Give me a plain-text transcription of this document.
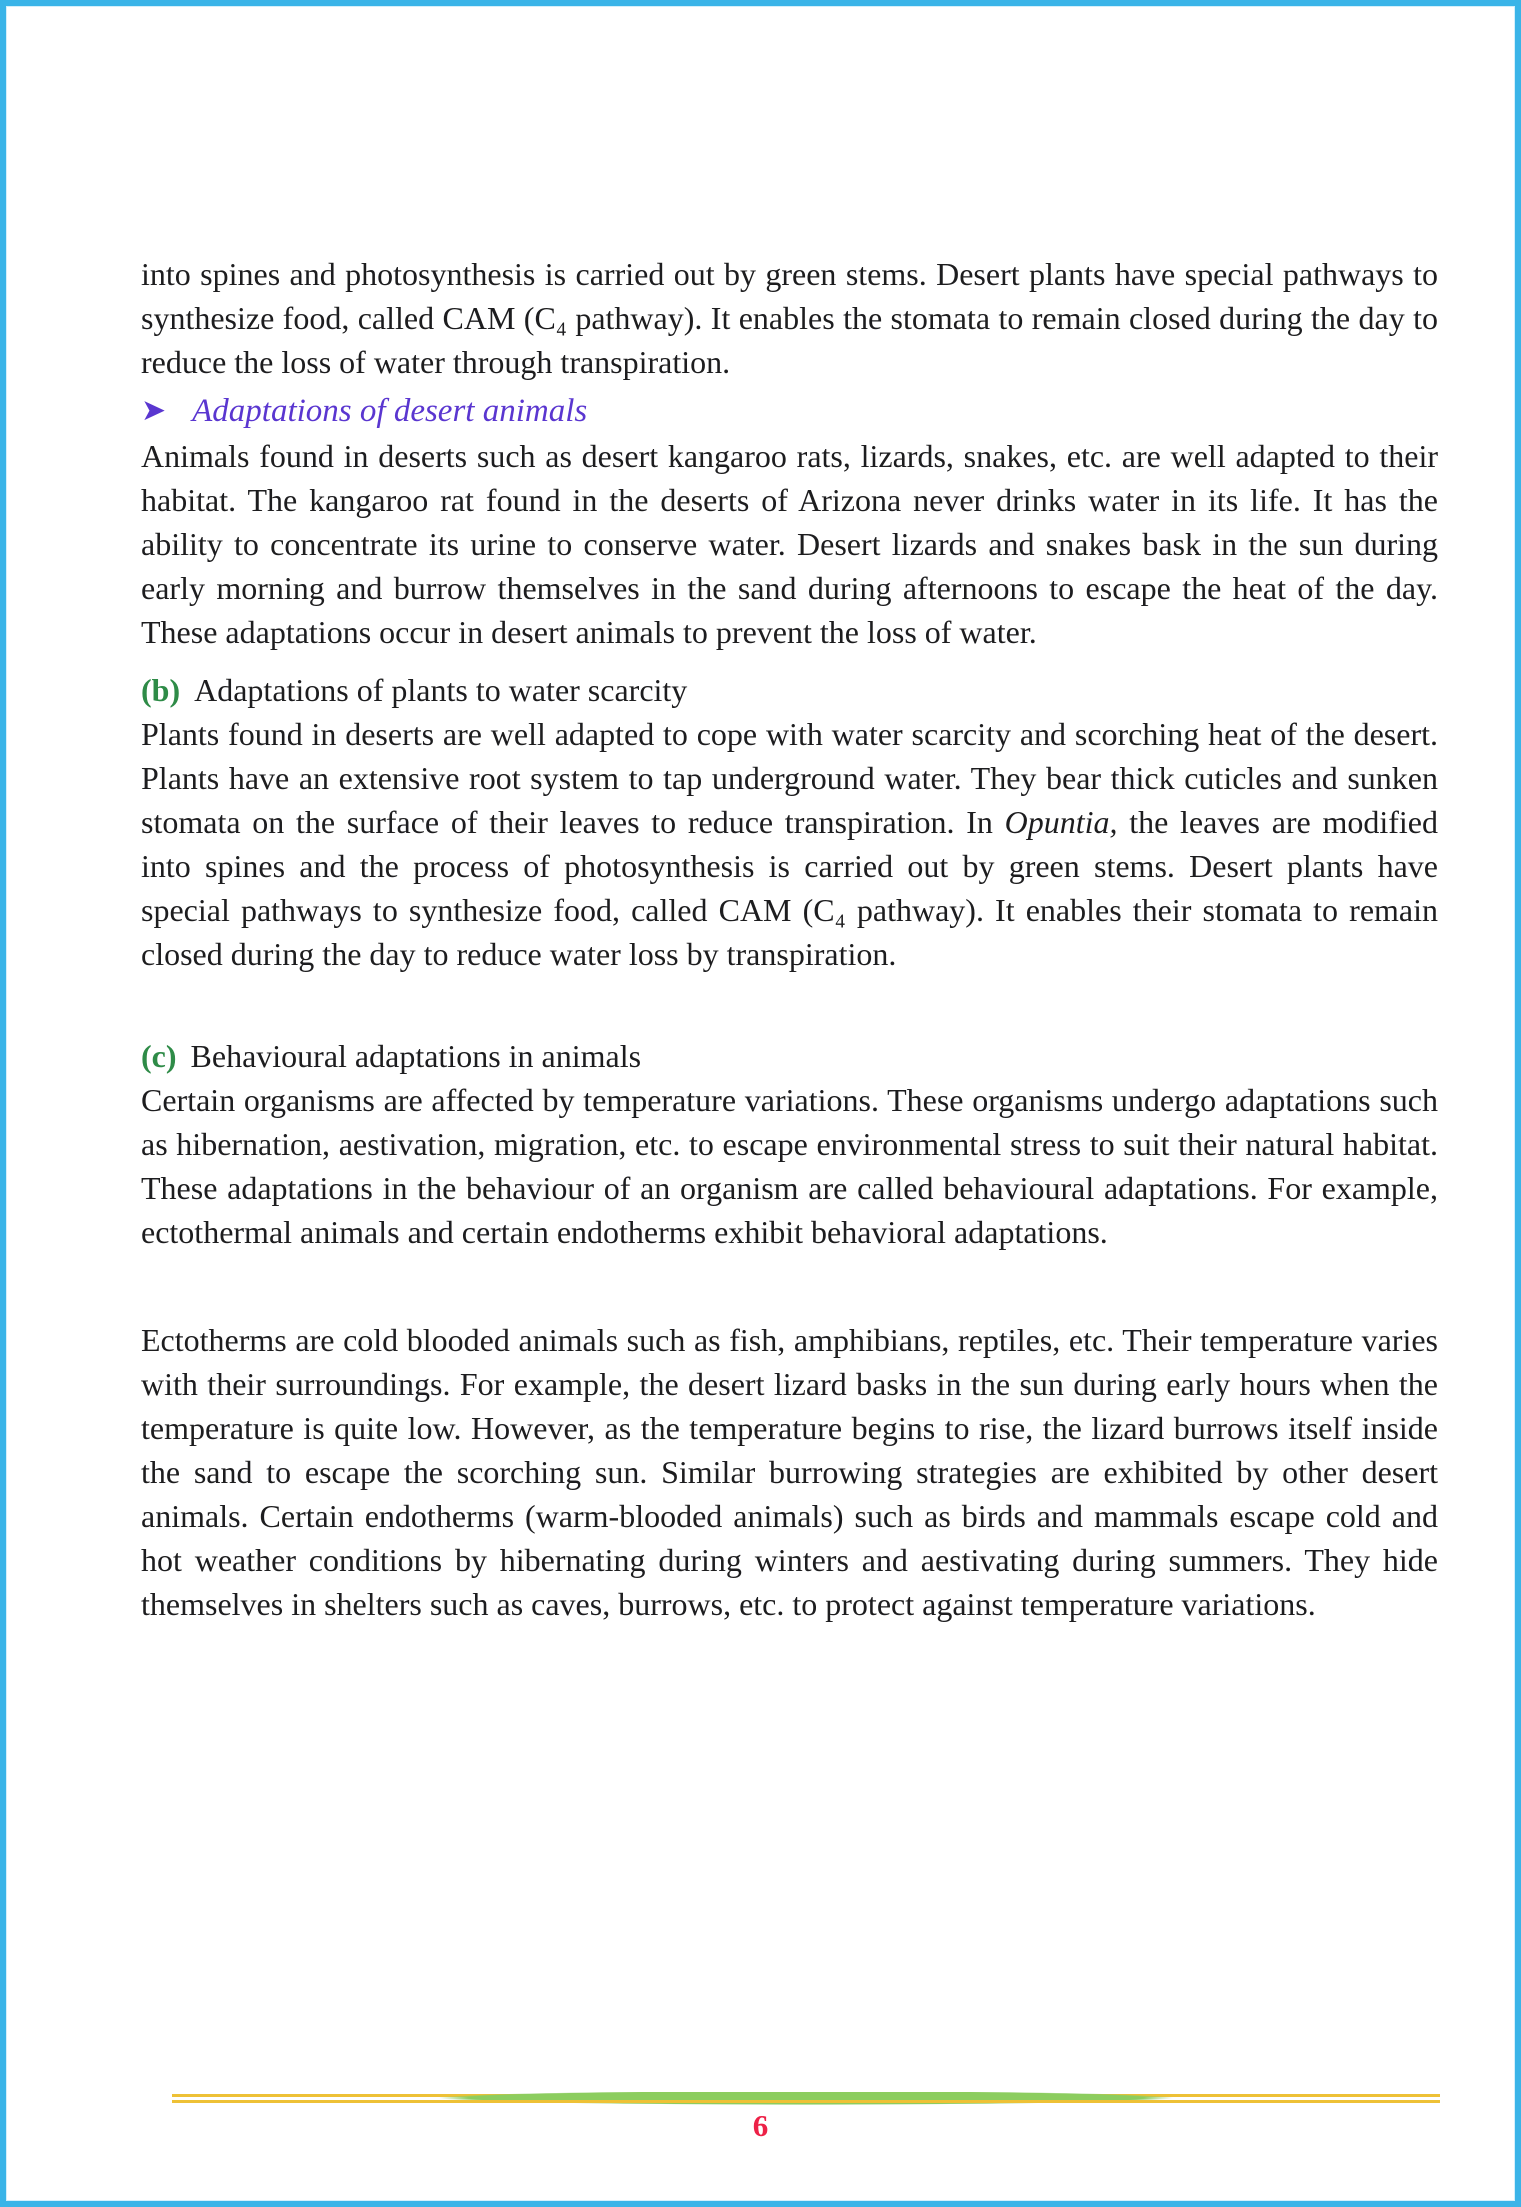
into spines and photosynthesis is carried out by green stems. Desert plants have special pathways to synthesize food, called CAM (C₄ pathway). It enables the stomata to remain closed during the day to reduce the loss of water through transpiration.

➤ Adaptations of desert animals

Animals found in deserts such as desert kangaroo rats, lizards, snakes, etc. are well adapted to their habitat. The kangaroo rat found in the deserts of Arizona never drinks water in its life. It has the ability to concentrate its urine to conserve water. Desert lizards and snakes bask in the sun during early morning and burrow themselves in the sand during afternoons to escape the heat of the day. These adaptations occur in desert animals to prevent the loss of water.

(b) Adaptations of plants to water scarcity

Plants found in deserts are well adapted to cope with water scarcity and scorching heat of the desert. Plants have an extensive root system to tap underground water. They bear thick cuticles and sunken stomata on the surface of their leaves to reduce transpiration. In Opuntia, the leaves are modified into spines and the process of photosynthesis is carried out by green stems. Desert plants have special pathways to synthesize food, called CAM (C₄ pathway). It enables their stomata to remain closed during the day to reduce water loss by transpiration.

(c) Behavioural adaptations in animals

Certain organisms are affected by temperature variations. These organisms undergo adaptations such as hibernation, aestivation, migration, etc. to escape environmental stress to suit their natural habitat. These adaptations in the behaviour of an organism are called behavioural adaptations. For example, ectothermal animals and certain endotherms exhibit behavioral adaptations.

Ectotherms are cold blooded animals such as fish, amphibians, reptiles, etc. Their temperature varies with their surroundings. For example, the desert lizard basks in the sun during early hours when the temperature is quite low. However, as the temperature begins to rise, the lizard burrows itself inside the sand to escape the scorching sun. Similar burrowing strategies are exhibited by other desert animals. Certain endotherms (warm-blooded animals) such as birds and mammals escape cold and hot weather conditions by hibernating during winters and aestivating during summers. They hide themselves in shelters such as caves, burrows, etc. to protect against temperature variations.

6
